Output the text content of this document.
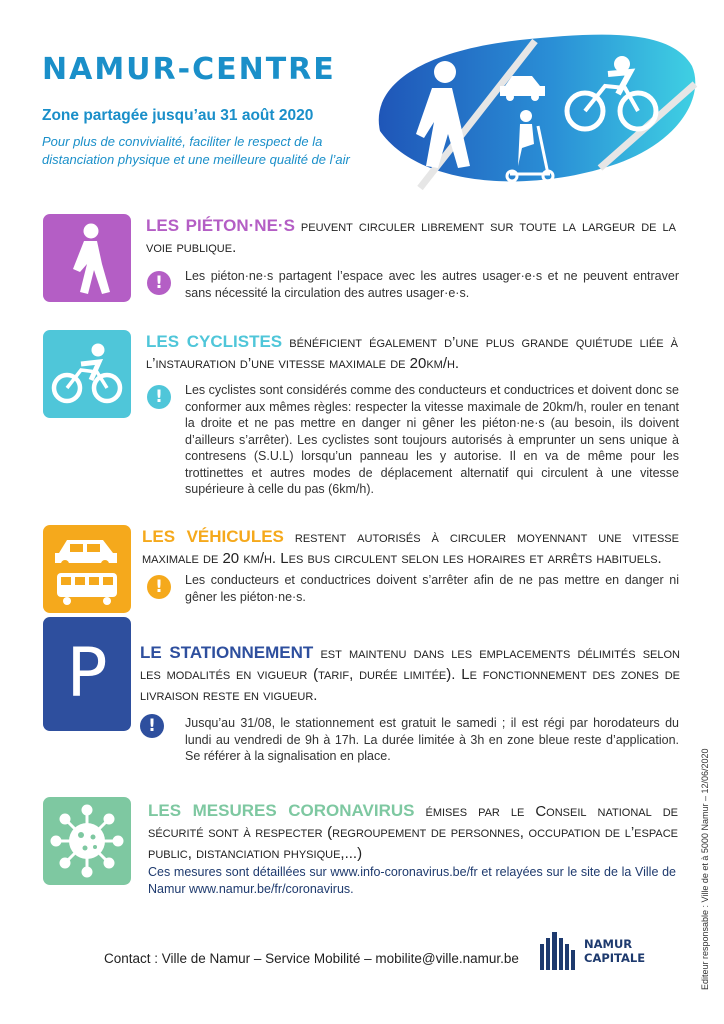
NAMUR-CENTRE
Zone partagée jusqu’au 31 août 2020
Pour plus de convivialité, faciliter le respect de la distanciation physique et une meilleure qualité de l’air
LES PIÉTON·NE·S peuvent circuler librement sur toute la largeur de la voie publique.
!	Les piéton·ne·s partagent l’espace avec les autres usager·e·s et ne peuvent entraver sans nécessité la circulation des autres usager·e·s.
LES CYCLISTES bénéficient également d’une plus grande quiétude liée à l’instauration d’une vitesse maximale de 20km/h.
!	Les cyclistes sont considérés comme des conducteurs et conductrices et doivent donc se conformer aux mêmes règles: respecter la vitesse maximale de 20km/h, rouler en tenant la droite et ne pas mettre en danger ni gêner les piéton·ne·s (au besoin, ils doivent d’ailleurs s’arrêter). Les cyclistes sont toujours autorisés à emprunter un sens unique à contresens (S.U.L) lorsqu’un panneau les y autorise. Il en va de même pour les trottinettes et autres modes de déplacement alternatif qui circulent à une vitesse supérieure à celle du pas (6km/h).
LES VÉHICULES restent autorisés à circuler moyennant une vitesse maximale de 20 km/h. Les bus circulent selon les horaires et arrêts habituels.
!	Les conducteurs et conductrices doivent s’arrêter afin de ne pas mettre en danger ni gêner les piéton·ne·s.
P	LE STATIONNEMENT est maintenu dans les emplacements délimités selon les modalités en vigueur (tarif, durée limitée). Le fonctionnement des zones de livraison reste en vigueur.
!	Jusqu’au 31/08, le stationnement est gratuit le samedi ; il est régi par horodateurs du lundi au vendredi de 9h à 17h. La durée limitée à 3h en zone bleue reste d’application. Se référer à la signalisation en place.
LES MESURES CORONAVIRUS émises par le Conseil national de sécurité sont à respecter (regroupement de personnes, occupation de l’espace public, distanciation physique,...)
Ces mesures sont détaillées sur www.info-coronavirus.be/fr et relayées sur le site de la Ville de Namur www.namur.be/fr/coronavirus.
Contact : Ville de Namur – Service Mobilité – mobilite@ville.namur.be
NAMUR
CAPITALE	Editeur responsable : Ville de et à 5000 Namur – 12/06/2020
